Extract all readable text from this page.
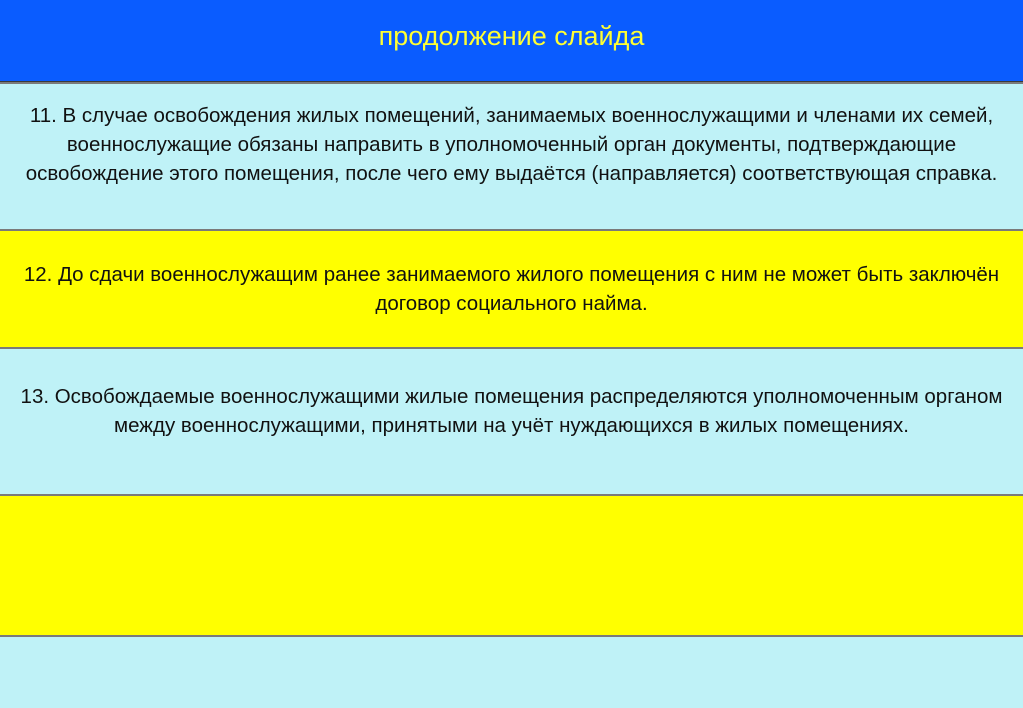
продолжение слайда
11. В случае освобождения жилых помещений, занимаемых военнослужащими и членами их семей, военнослужащие обязаны направить в уполномоченный орган документы, подтверждающие освобождение этого помещения, после чего ему выдаётся (направляется) соответствующая справка.
12. До сдачи военнослужащим ранее занимаемого жилого помещения с ним не может быть заключён договор социального найма.
13. Освобождаемые военнослужащими жилые помещения распределяются уполномоченным органом между военнослужащими, принятыми на учёт нуждающихся в жилых помещениях.
